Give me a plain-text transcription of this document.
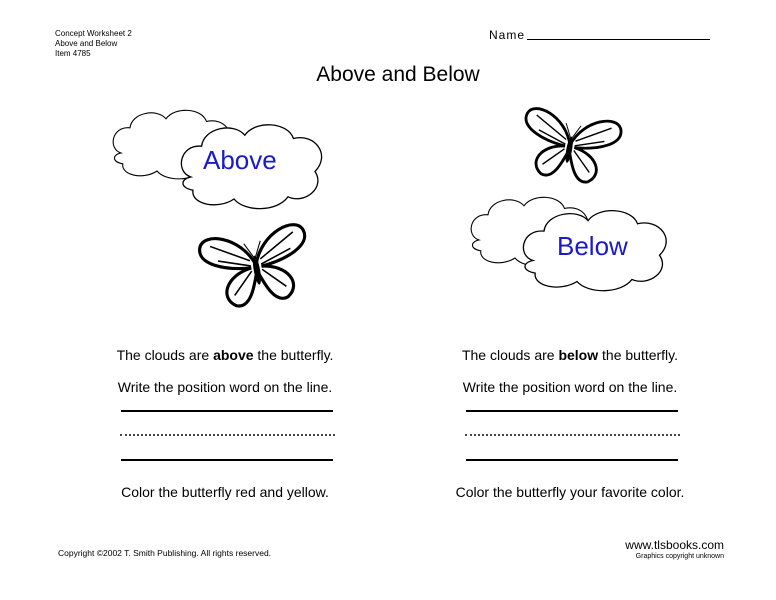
Concept Worksheet 2
Above and Below
Item 4785
Name
Above and Below
Above
Below
The clouds are above the butterfly.
Write the position word on the line.
Color the butterfly red and yellow.
The clouds are below the butterfly.
Write the position word on the line.
Color the butterfly your favorite color.
Copyright ©2002 T. Smith Publishing. All rights reserved.
www.tlsbooks.com
Graphics copyright unknown
